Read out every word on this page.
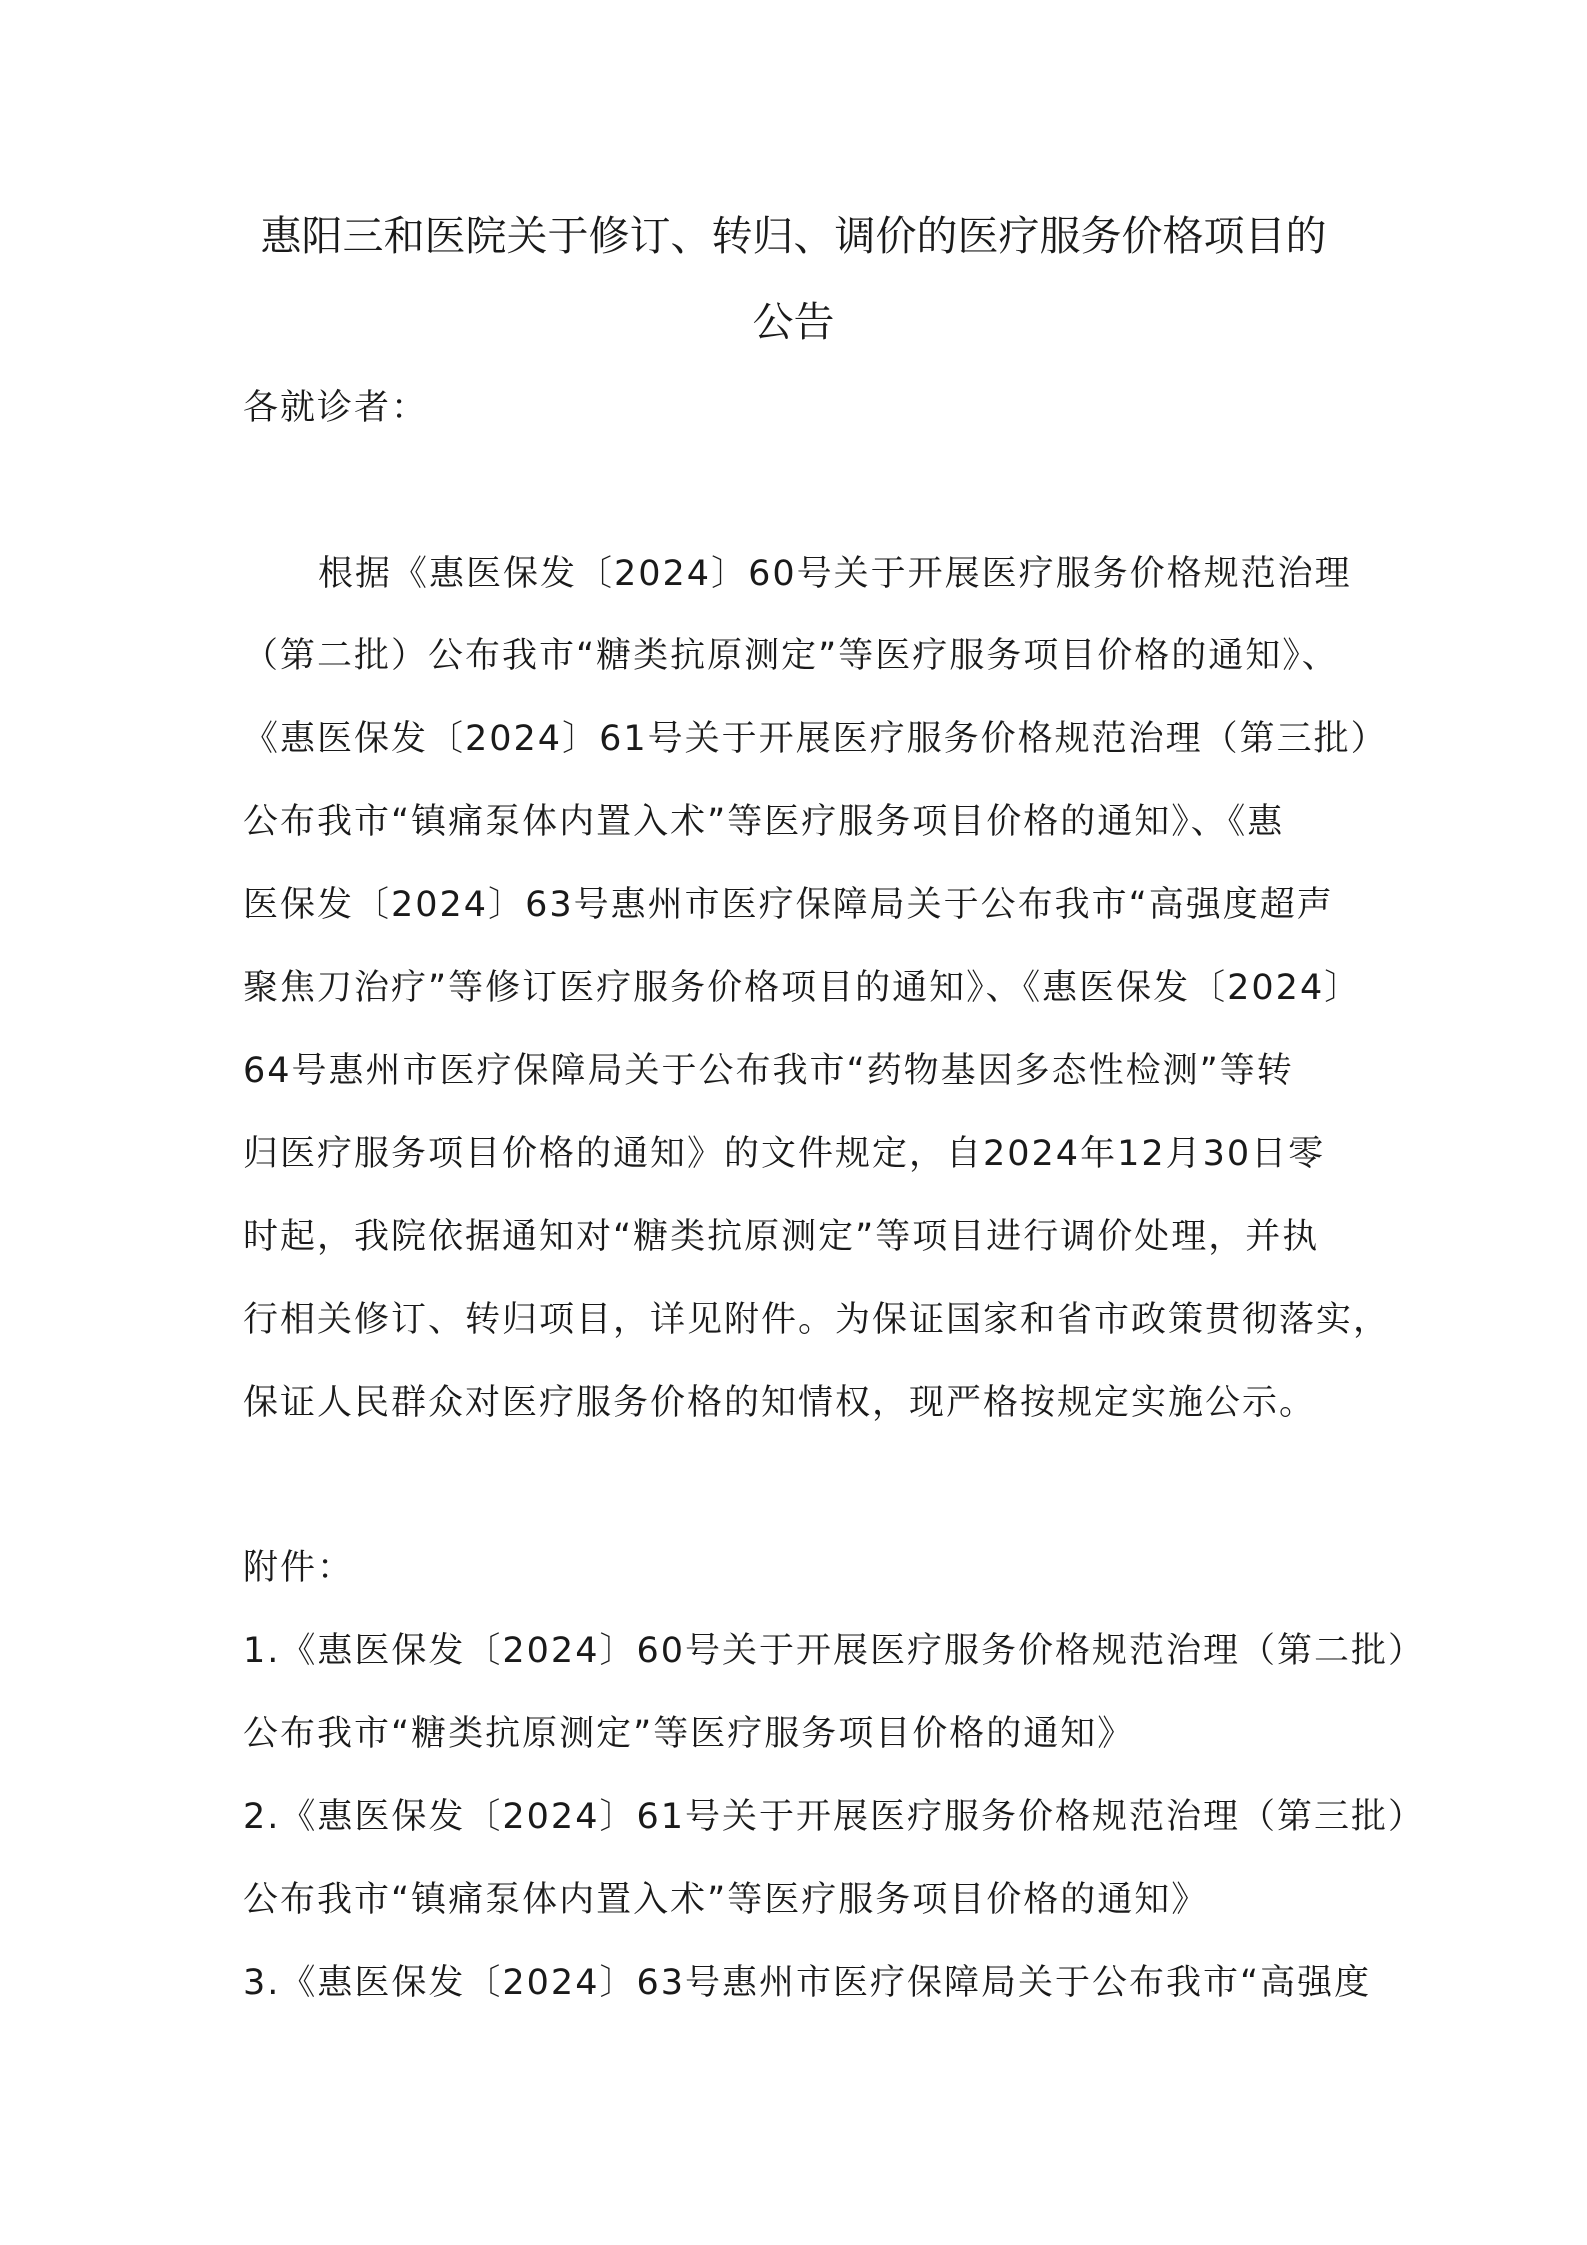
惠阳三和医院关于修订、转归、调价的医疗服务价格项目的
公告
各就诊者：
根据《惠医保发〔2024〕60号关于开展医疗服务价格规范治理
（第二批）公布我市“糖类抗原测定”等医疗服务项目价格的通知》、
《惠医保发〔2024〕61号关于开展医疗服务价格规范治理（第三批）
公布我市“镇痛泵体内置入术”等医疗服务项目价格的通知》、《惠
医保发〔2024〕63号惠州市医疗保障局关于公布我市“高强度超声
聚焦刀治疗”等修订医疗服务价格项目的通知》、《惠医保发〔2024〕
64号惠州市医疗保障局关于公布我市“药物基因多态性检测”等转
归医疗服务项目价格的通知》的文件规定，自2024年12月30日零
时起，我院依据通知对“糖类抗原测定”等项目进行调价处理，并执
行相关修订、转归项目，详见附件。为保证国家和省市政策贯彻落实，
保证人民群众对医疗服务价格的知情权，现严格按规定实施公示。
附件：
1.《惠医保发〔2024〕60号关于开展医疗服务价格规范治理（第二批）
公布我市“糖类抗原测定”等医疗服务项目价格的通知》
2.《惠医保发〔2024〕61号关于开展医疗服务价格规范治理（第三批）
公布我市“镇痛泵体内置入术”等医疗服务项目价格的通知》
3.《惠医保发〔2024〕63号惠州市医疗保障局关于公布我市“高强度
